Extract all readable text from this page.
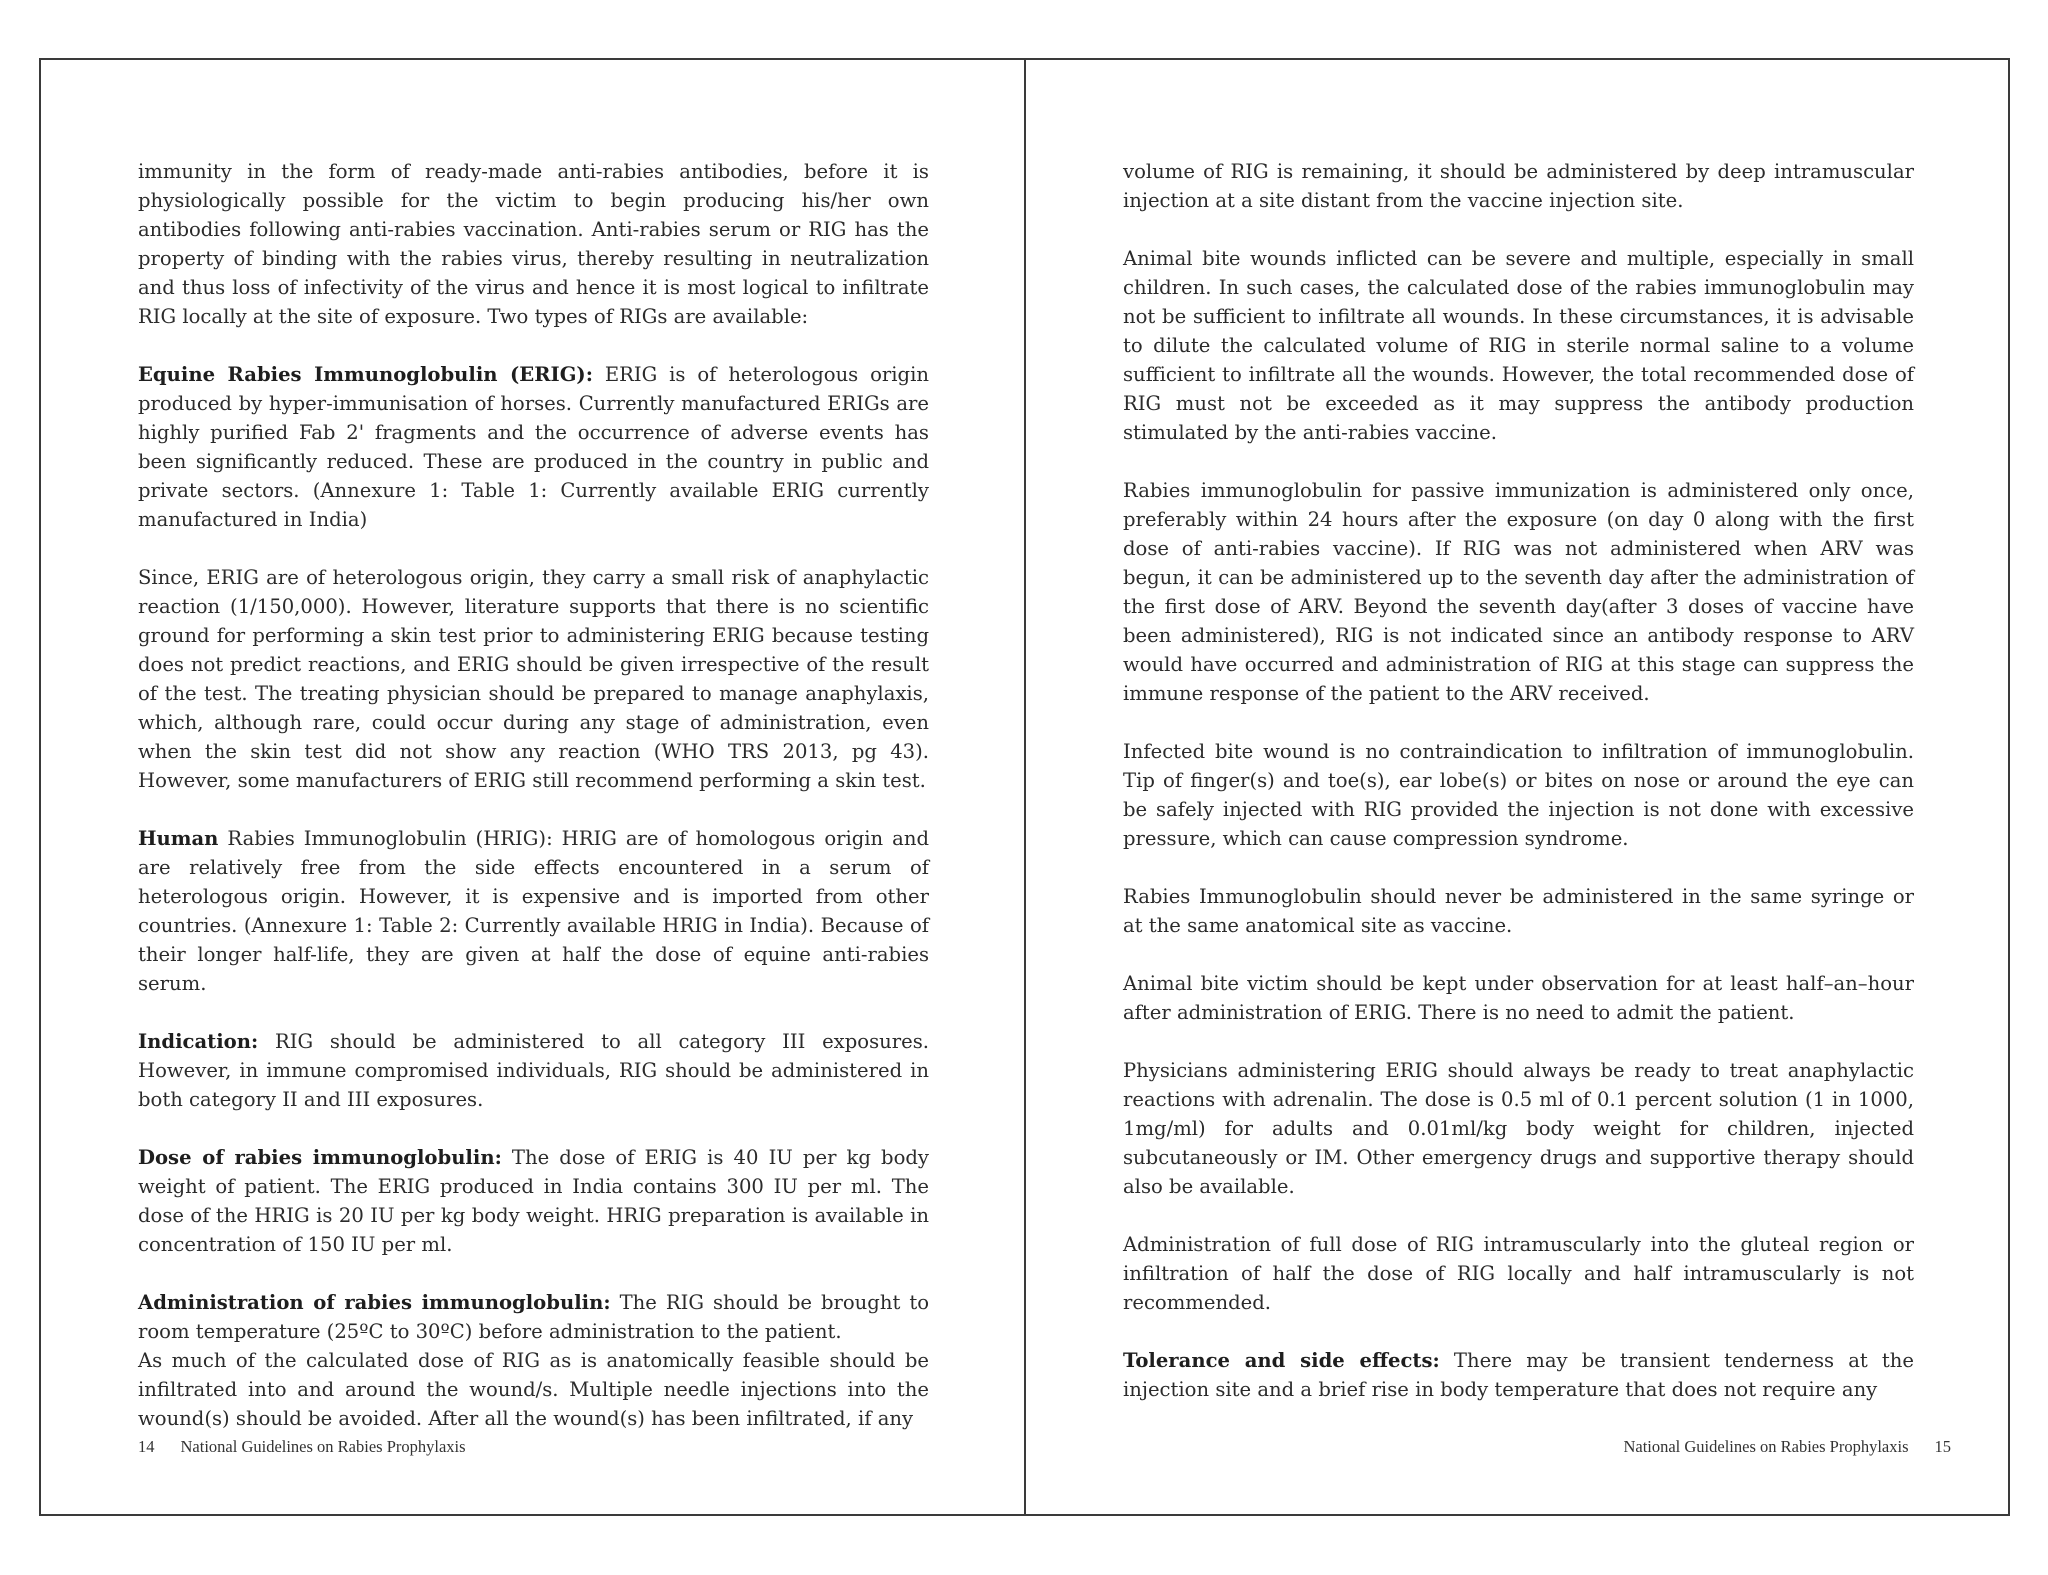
immunity in the form of ready-made anti-rabies antibodies, before it is physiologically possible for the victim to begin producing his/her own antibodies following anti-rabies vaccination. Anti-rabies serum or RIG has the property of binding with the rabies virus, thereby resulting in neutralization and thus loss of infectivity of the virus and hence it is most logical to infiltrate RIG locally at the site of exposure. Two types of RIGs are available:

Equine Rabies Immunoglobulin (ERIG): ERIG is of heterologous origin produced by hyper-immunisation of horses. Currently manufactured ERIGs are highly purified Fab 2' fragments and the occurrence of adverse events has been significantly reduced. These are produced in the country in public and private sectors. (Annexure 1: Table 1: Currently available ERIG currently manufactured in India)

Since, ERIG are of heterologous origin, they carry a small risk of anaphylactic reaction (1/150,000). However, literature supports that there is no scientific ground for performing a skin test prior to administering ERIG because testing does not predict reactions, and ERIG should be given irrespective of the result of the test. The treating physician should be prepared to manage anaphylaxis, which, although rare, could occur during any stage of administration, even when the skin test did not show any reaction (WHO TRS 2013, pg 43). However, some manufacturers of ERIG still recommend performing a skin test.

Human Rabies Immunoglobulin (HRIG): HRIG are of homologous origin and are relatively free from the side effects encountered in a serum of heterologous origin. However, it is expensive and is imported from other countries. (Annexure 1: Table 2: Currently available HRIG in India). Because of their longer half-life, they are given at half the dose of equine anti-rabies serum.

Indication: RIG should be administered to all category III exposures. However, in immune compromised individuals, RIG should be administered in both category II and III exposures.

Dose of rabies immunoglobulin: The dose of ERIG is 40 IU per kg body weight of patient. The ERIG produced in India contains 300 IU per ml. The dose of the HRIG is 20 IU per kg body weight. HRIG preparation is available in concentration of 150 IU per ml.

Administration of rabies immunoglobulin: The RIG should be brought to room temperature (25ºC to 30ºC) before administration to the patient.

As much of the calculated dose of RIG as is anatomically feasible should be infiltrated into and around the wound/s. Multiple needle injections into the wound(s) should be avoided. After all the wound(s) has been infiltrated, if any

volume of RIG is remaining, it should be administered by deep intramuscular injection at a site distant from the vaccine injection site.

Animal bite wounds inflicted can be severe and multiple, especially in small children. In such cases, the calculated dose of the rabies immunoglobulin may not be sufficient to infiltrate all wounds. In these circumstances, it is advisable to dilute the calculated volume of RIG in sterile normal saline to a volume sufficient to infiltrate all the wounds. However, the total recommended dose of RIG must not be exceeded as it may suppress the antibody production stimulated by the anti-rabies vaccine.

Rabies immunoglobulin for passive immunization is administered only once, preferably within 24 hours after the exposure (on day 0 along with the first dose of anti-rabies vaccine). If RIG was not administered when ARV was begun, it can be administered up to the seventh day after the administration of the first dose of ARV. Beyond the seventh day(after 3 doses of vaccine have been administered), RIG is not indicated since an antibody response to ARV would have occurred and administration of RIG at this stage can suppress the immune response of the patient to the ARV received.

Infected bite wound is no contraindication to infiltration of immunoglobulin. Tip of finger(s) and toe(s), ear lobe(s) or bites on nose or around the eye can be safely injected with RIG provided the injection is not done with excessive pressure, which can cause compression syndrome.

Rabies Immunoglobulin should never be administered in the same syringe or at the same anatomical site as vaccine.

Animal bite victim should be kept under observation for at least half–an–hour after administration of ERIG. There is no need to admit the patient.

Physicians administering ERIG should always be ready to treat anaphylactic reactions with adrenalin. The dose is 0.5 ml of 0.1 percent solution (1 in 1000, 1mg/ml) for adults and 0.01ml/kg body weight for children, injected subcutaneously or IM. Other emergency drugs and supportive therapy should also be available.

Administration of full dose of RIG intramuscularly into the gluteal region or infiltration of half the dose of RIG locally and half intramuscularly is not recommended.

Tolerance and side effects: There may be transient tenderness at the injection site and a brief rise in body temperature that does not require any

14 National Guidelines on Rabies Prophylaxis	National Guidelines on Rabies Prophylaxis 15
